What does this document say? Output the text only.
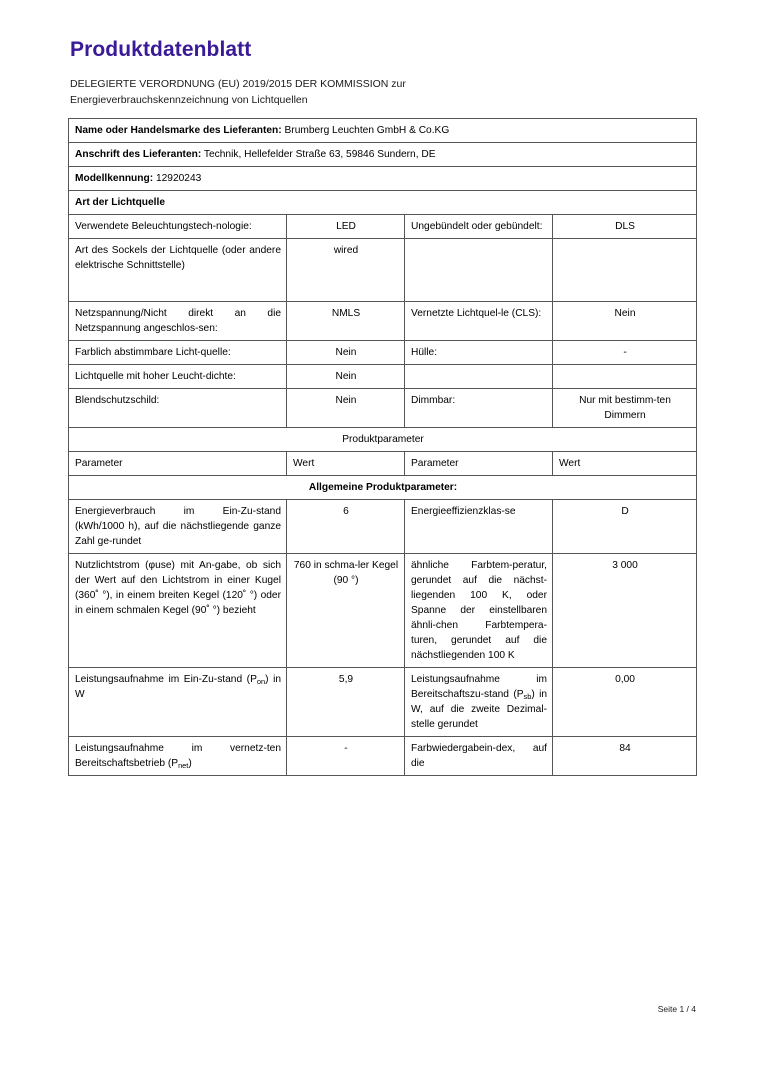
Produktdatenblatt
DELEGIERTE VERORDNUNG (EU) 2019/2015 DER KOMMISSION zur
Energieverbrauchskennzeichnung von Lichtquellen
Name oder Handelsmarke des Lieferanten: Brumberg Leuchten GmbH & Co.KG			
Anschrift des Lieferanten: Technik, Hellefelder Straße 63, 59846 Sundern, DE			
Modellkennung: 12920243			
Art der Lichtquelle			
Verwendete Beleuchtungstech-nologie:	LED	Ungebündelt oder gebündelt:	DLS
Art des Sockels der Lichtquelle (oder andere elektrische Schnittstelle)	wired		
Netzspannung/Nicht direkt an die Netzspannung angeschlos-sen:	NMLS	Vernetzte Lichtquel-le (CLS):	Nein
Farblich abstimmbare Licht-quelle:	Nein	Hülle:	-
Lichtquelle mit hoher Leucht-dichte:	Nein		
Blendschutzschild:	Nein	Dimmbar:	Nur mit bestimm-ten Dimmern
Produktparameter			
Parameter	Wert	Parameter	Wert
Allgemeine Produktparameter:			
Energieverbrauch im Ein-Zu-stand (kWh/1000 h), auf die nächstliegende ganze Zahl ge-rundet	6	Energieeffizienzklas-se	D
Nutzlichtstrom (φuse) mit An-gabe, ob sich der Wert auf den Lichtstrom in einer Kugel (360˚ °), in einem breiten Kegel (120˚ °) oder in einem schmalen Kegel (90˚ °) bezieht	760 in schma-ler Kegel (90 °)	ähnliche Farbtem-peratur, gerundet auf die nächst-liegenden 100 K, oder Spanne der einstellbaren ähnli-chen Farbtempera-turen, gerundet auf die nächstliegenden 100 K	3 000
Leistungsaufnahme im Ein-Zu-stand $(P_{on})$ in W	5,9	Leistungsaufnahme im Bereitschaftszu-stand $(P_{sb})$ in W, auf die zweite Dezimal-stelle gerundet	0,00
Leistungsaufnahme im vernetz-ten Bereitschaftsbetrieb $(P_{net})$	-	Farbwiedergabein-dex, auf die	84
Seite 1 / 4
